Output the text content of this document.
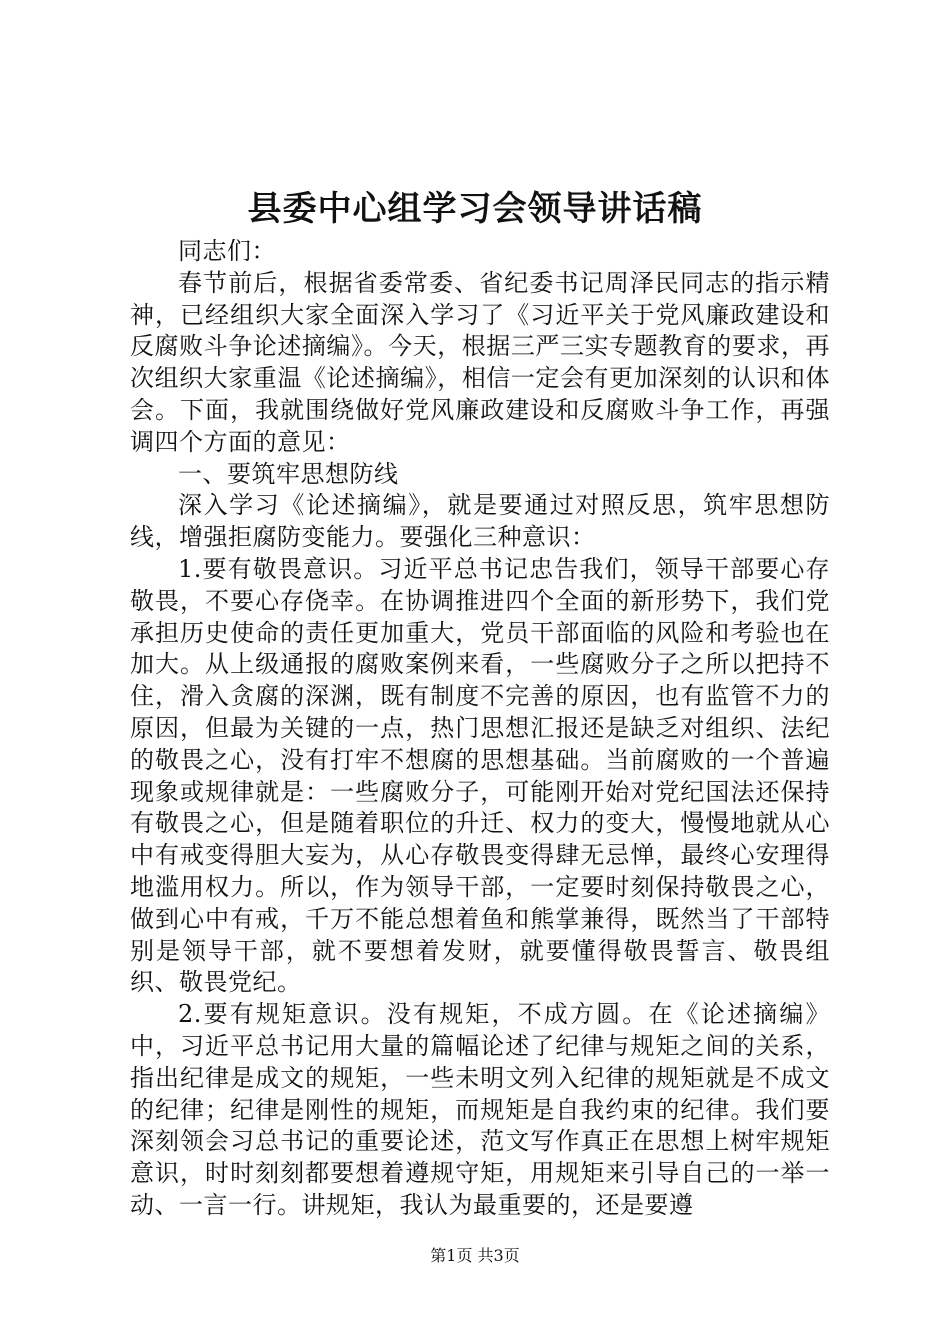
县委中心组学习会领导讲话稿

同志们：

春节前后，根据省委常委、省纪委书记周泽民同志的指示精神，已经组织大家全面深入学习了《习近平关于党风廉政建设和反腐败斗争论述摘编》。今天，根据三严三实专题教育的要求，再次组织大家重温《论述摘编》，相信一定会有更加深刻的认识和体会。下面，我就围绕做好党风廉政建设和反腐败斗争工作，再强调四个方面的意见：

一、要筑牢思想防线

深入学习《论述摘编》，就是要通过对照反思，筑牢思想防线，增强拒腐防变能力。要强化三种意识：

1.要有敬畏意识。习近平总书记忠告我们，领导干部要心存敬畏，不要心存侥幸。在协调推进四个全面的新形势下，我们党承担历史使命的责任更加重大，党员干部面临的风险和考验也在加大。从上级通报的腐败案例来看，一些腐败分子之所以把持不住，滑入贪腐的深渊，既有制度不完善的原因，也有监管不力的原因，但最为关键的一点，热门思想汇报还是缺乏对组织、法纪的敬畏之心，没有打牢不想腐的思想基础。当前腐败的一个普遍现象或规律就是：一些腐败分子，可能刚开始对党纪国法还保持有敬畏之心，但是随着职位的升迁、权力的变大，慢慢地就从心中有戒变得胆大妄为，从心存敬畏变得肆无忌惮，最终心安理得地滥用权力。所以，作为领导干部，一定要时刻保持敬畏之心，做到心中有戒，千万不能总想着鱼和熊掌兼得，既然当了干部特别是领导干部，就不要想着发财，就要懂得敬畏誓言、敬畏组织、敬畏党纪。

2.要有规矩意识。没有规矩，不成方圆。在《论述摘编》中，习近平总书记用大量的篇幅论述了纪律与规矩之间的关系，指出纪律是成文的规矩，一些未明文列入纪律的规矩就是不成文的纪律；纪律是刚性的规矩，而规矩是自我约束的纪律。我们要深刻领会习总书记的重要论述，范文写作真正在思想上树牢规矩意识，时时刻刻都要想着遵规守矩，用规矩来引导自己的一举一动、一言一行。讲规矩，我认为最重要的，还是要遵

第1页 共3页
